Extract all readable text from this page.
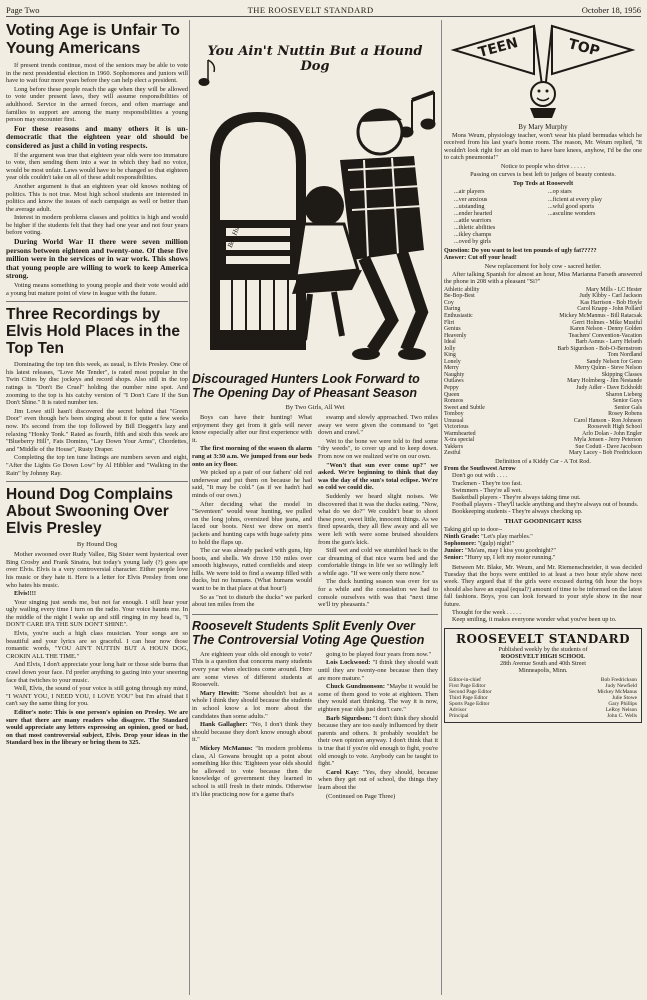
Page Two	THE ROOSEVELT STANDARD	October 18, 1956
Voting Age is Unfair To Young Americans

If present trends continue, most of the seniors may be able to vote in the next presidential election in 1960. Sophomores and juniors will have to wait four more years before they can help elect a president.

Long before these people reach the age when they will be allowed to vote under present laws, they will assume responsibilities of adulthood. Service in the armed forces, and often marriage and families to support are among the many responsibilities a young person may encounter first.

For these reasons and many others it is un-democratic that the eighteen year old should be considered as just a child in voting respects.

If the argument was true that eighteen year olds were too immature to vote, then sending them into a war in which they had no voice, would be most unfair. Laws would have to be changed so that eighteen year olds couldn't take on all of these adult responsibilities.

Another argument is that an eighteen year old knows nothing of politics. This is not true. Most high school students are interested in politics and know the issues of each campaign as well or better than the average adult.

Interest in modern problems classes and politics is high and would be higher if the students felt that they had one year and not four years before voting.

During World War II there were seven million persons between eighteen and twenty-one. Of these five million were in the services or in war work. This shows that young people are willing to work to keep America strong.

Voting means something to young people and their vote would add a young but mature point of view in league with the future.

Three Recordings by Elvis Hold Places in the Top Ten

Dominating the top ten this week, as usual, is Elvis Presley. One of his latest releases, "Love Me Tender", is rated most popular in the Twin Cities by disc jockeys and record shops. Also still in the top ratings is "Don't Be Cruel" holding the number nine spot. And zooming to the top is his catchy version of "I Don't Care If the Sun Don't Shine." It is rated number ten.

Jim Lowe still hasn't discovered the secret behind that "Green Door" even though he's been singing about it for quite a few weeks now. It's second from the top followed by Bill Doggett's lazy and relaxing "Honky Tonk." Rated as fourth, fifth and sixth this week are "Blueberry Hill", Fats Domino, "Lay Down Your Arms", Chordettes, and "Middle of the House", Rusty Draper.

Completing the top ten tune listings are numbers seven and eight, "After the Lights Go Down Low" by Al Hibbler and "Walking in the Rain" by Johnny Ray.

Hound Dog Complains About Swooning Over Elvis Presley
By Hound Dog

Mother swooned over Rudy Vallee, Big Sister went hysterical over Bing Crosby and Frank Sinatra, but today's young lady (?) goes ape over Elvis. Elvis is a very controversial character. Either people love his music or they hate it. Here is a letter for Elvis Presley from one who hates his music.

Elvis!!!!

Your singing just sends me, but not far enough. I still hear your ugly wailing every time I turn on the radio. Your voice haunts me. In the middle of the night I wake up and still ringing in my head is, "I DON'T CARE IFA THE SUN DON'T SHINE".

Elvis, you're such a high class musician. Your songs are so beautiful and your lyrics are so graceful. I can hear now those romantic words, "YOU AIN'T NUTTIN BUT A HOUN DOG, CROKIN ALL THE TIME."

And Elvis, I don't appreciate your long hair or those side burns that crawl down your face. I'd prefer anything to gazing into your sneering face that twitches to your music.

Well, Elvis, the sound of your voice is still going through my mind, "I WANT YOU, I NEED YOU, I LOVE YOU" but I'm afraid that I can't say the same thing for you.

Editor's note: This is one person's opinion on Presley. We are sure that there are many readers who disagree. The Standard would appreciate any letters expressing an opinion, good or bad, on that most controversial subject, Elvis. Drop your ideas in the Standard box in the library or bring them to 325.

You Ain't Nuttin But a Hound Dog
Bob Huff
Discouraged Hunters Look Forward to The Opening Day of Pheasant Season
By Two Girls, All Wet

Boys can have their hunting! What enjoyment they get from it girls will never know especially after our first experience with it.

The first morning of the season th alarm rang at 3:30 a.m. We jumped from our beds onto an icy floor.

We picked up a pair of our fathers' old red underwear and put them on because he had said, "It may be cold." (as if we hadn't had minds of our own.)

After deciding what the model in "Seventeen" would wear hunting, we pulled on the long johns, oversized blue jeans, and laced our boots. Next we drew on men's jackets and hunting caps with huge safety pins to hold the flaps up.

The car was already packed with guns, hip boots, and shells. We drove 150 miles over smooth highways, rutted cornfields and steep hills. We were told to find a swamp filled with ducks, but no humans. (What humans would want to be in that place at that hour!)

So as "not to disturb the ducks" we parked about ten miles from the

swamp and slowly approached. Two miles away we were given the command to "get down and crawl."

Wet to the bone we were told to find some "dry weeds", to cover up and to keep down. From now on we realized we're on our own.

"Won't that sun ever come up?" we asked. We're beginning to think that day was the day of the sun's total eclipse. We're so cold we could die.

Suddenly we heard slight noises. We discovered that it was the ducks eating. "Now, what do we do?" We couldn't bear to shoot these poor, sweet little, innocent things. As we fired upwards, they all flew away and all we were left with were some bruised shoulders from the gun's kick.

Still wet and cold we stumbled back to the car dreaming of that nice warm bed and the comfortable things in life we so willingly left a while ago. "If we were only there now."

The duck hunting season was over for us for a while and the consolation we had to console ourselves with was that "next time we'll try pheasants."

Roosevelt Students Split Evenly Over The Controversial Voting Age Question

Are eighteen year olds old enough to vote? This is a question that concerns many students every year when elections come around. Here are some views of different students at Roosevelt.

Mary Hewitt: "Some shouldn't but as a whole I think they should because the students in school know a lot more about the candidates than some adults."

Hank Gallagher: "No, I don't think they should because they don't know enough about it."

Mickey McManus: "In modern problems class, Al Gowans brought up a point about something like this: 'Eighteen year olds should be allowed to vote because then the knowledge of government they learned in school is still fresh in their minds. Otherwise it's like practicing now for a game that's

going to be played four years from now."

Lois Lockwood: "I think they should wait until they are twenty-one because then they are more mature."

Chuck Gundmonson: "Maybe it would be some of them good to vote at eighteen. Then they would start thinking. The way it is now, eighteen year olds just don't care."

Barb Sigurdson: "I don't think they should because they are too easily influenced by their parents and others. It probably wouldn't be their own opinion anyway. I don't think that it is true that if you're old enough to fight, you're old enough to vote. Anybody can be taught to fight."

Carol Kay: "Yes, they should, because when they get out of school, the things they learn about the

(Continued on Page Three)

TEEN	TOP
By Mary Murphy

Mons Weum, physiology teacher, won't wear his plaid bermudas which he received from his last year's home room. The reason, Mr. Weum replied, "It wouldn't look right for an old man to have bare knees, anyhow, I'd be the one to catch pneumonia!"

Notice to people who drive . . . . .
Passing on curves is best left to judges of beauty contests.
Top Teds at Roosevelt
...air players	...op stars
...ver anxious	...ficient at every play
...utstanding	...wful good sports
...ender hearted	...asculine wonders
...attle warriors
...thletic abilities
...ikley champs
...oved by girls
Question: Do you want to lost ten pounds of ugly fat?????
Answer: Cut off your head!
New replacement for holy cow - sacred heifer.

After talking Spanish for almost an hour, Miss Marianna Farseth answered the phone in 208 with a pleasant "Si?"

Athletic ability	Mary Mills - LC Hester
Be-Bop-Best	Judy Kibby - Carl Jackson
Coy	Kas Harrison - Bob Hoyle
Daring	Carol Knapp - John Pollard
Enthusiastic	Mickey McMannus - Bill Ratacsak
Flirt	Gerri Holmes - Mike Mustful
Genius	Karen Nelson - Denny Golden
Heavenly	Teachers' Convention-Vacation
Ideal	Barb Asmus - Larry Helseth
Jolly	Barb Sigurdson - Bob-O-Bernstrom
King	Tom Nordland
Lonely	Sandy Nelson for Geno
Merry	Merry Quinn - Steve Nelson
Naughty	Skipping Classes
Outlaws	Mary Holmberg - Jim Nestande
Peppy	Judy Adler - Dave Eckholdt
Queen	Sharon Lieberg
Romeos	Senior Guys
Sweet and Subtle	Senior Gals
Tomboy	Rosey Robens
Unusual	Carol Hanson - Ron Johnson
Victorious	Roosevelt High School
Warmhearted	Arlo Dolan - John Engler
X-tra special	Myla Jensen - Jerry Peterson
Yakkers	Sue Coduti - Dave Jacobson
Zestful	Mary Lacey - Bob Fredrickson
Definition of a Kiddy Car - A Tot Rod.
From the Southwest Arrow
Don't go out with . . . .
Trackmen - They're too fast.
Swimmers - They're all wet.
Basketball players - They're always taking time out.
Football players - They'll tackle anything and they're always out of bounds.
Bookkeeping students - They're always checking up.
THAT GOODNIGHT KISS
Taking girl up to door--
Ninth Grade: "Let's play marbles."
Sophomore: "(gulp) night!"
Junior: "Ma'am, may I kiss you goodnight?"
Senior: "Hurry up, I left my motor running."

Between Mr. Blake, Mr. Weum, and Mr. Riemenschneider, it was decided Tuesday that the boys were entitled to at least a two hour style show next week. They argued that if the girls were excused during 6th hour the boys should also have an equal (equal?) amount of time to be informed on the latest fall fashions. Boys, you can look forward to your style show in the near future.

Thought for the week . . . . .

Keep smiling, it makes everyone wonder what you've been up to.

ROOSEVELT STANDARD
Published weekly by the students of
ROOSEVELT HIGH SCHOOL
28th Avenue South and 40th Street
Minneapolis, Minn.
Editor-in-chief	Bob Fredrickson
First Page Editor	Judy Newfield
Second Page Editor	Mickey McManus
Third Page Editor	Julie Stowe
Sports Page Editor	Gary Phillips
Advisor	LeRoy Nelson
Principal	John C. Wells
